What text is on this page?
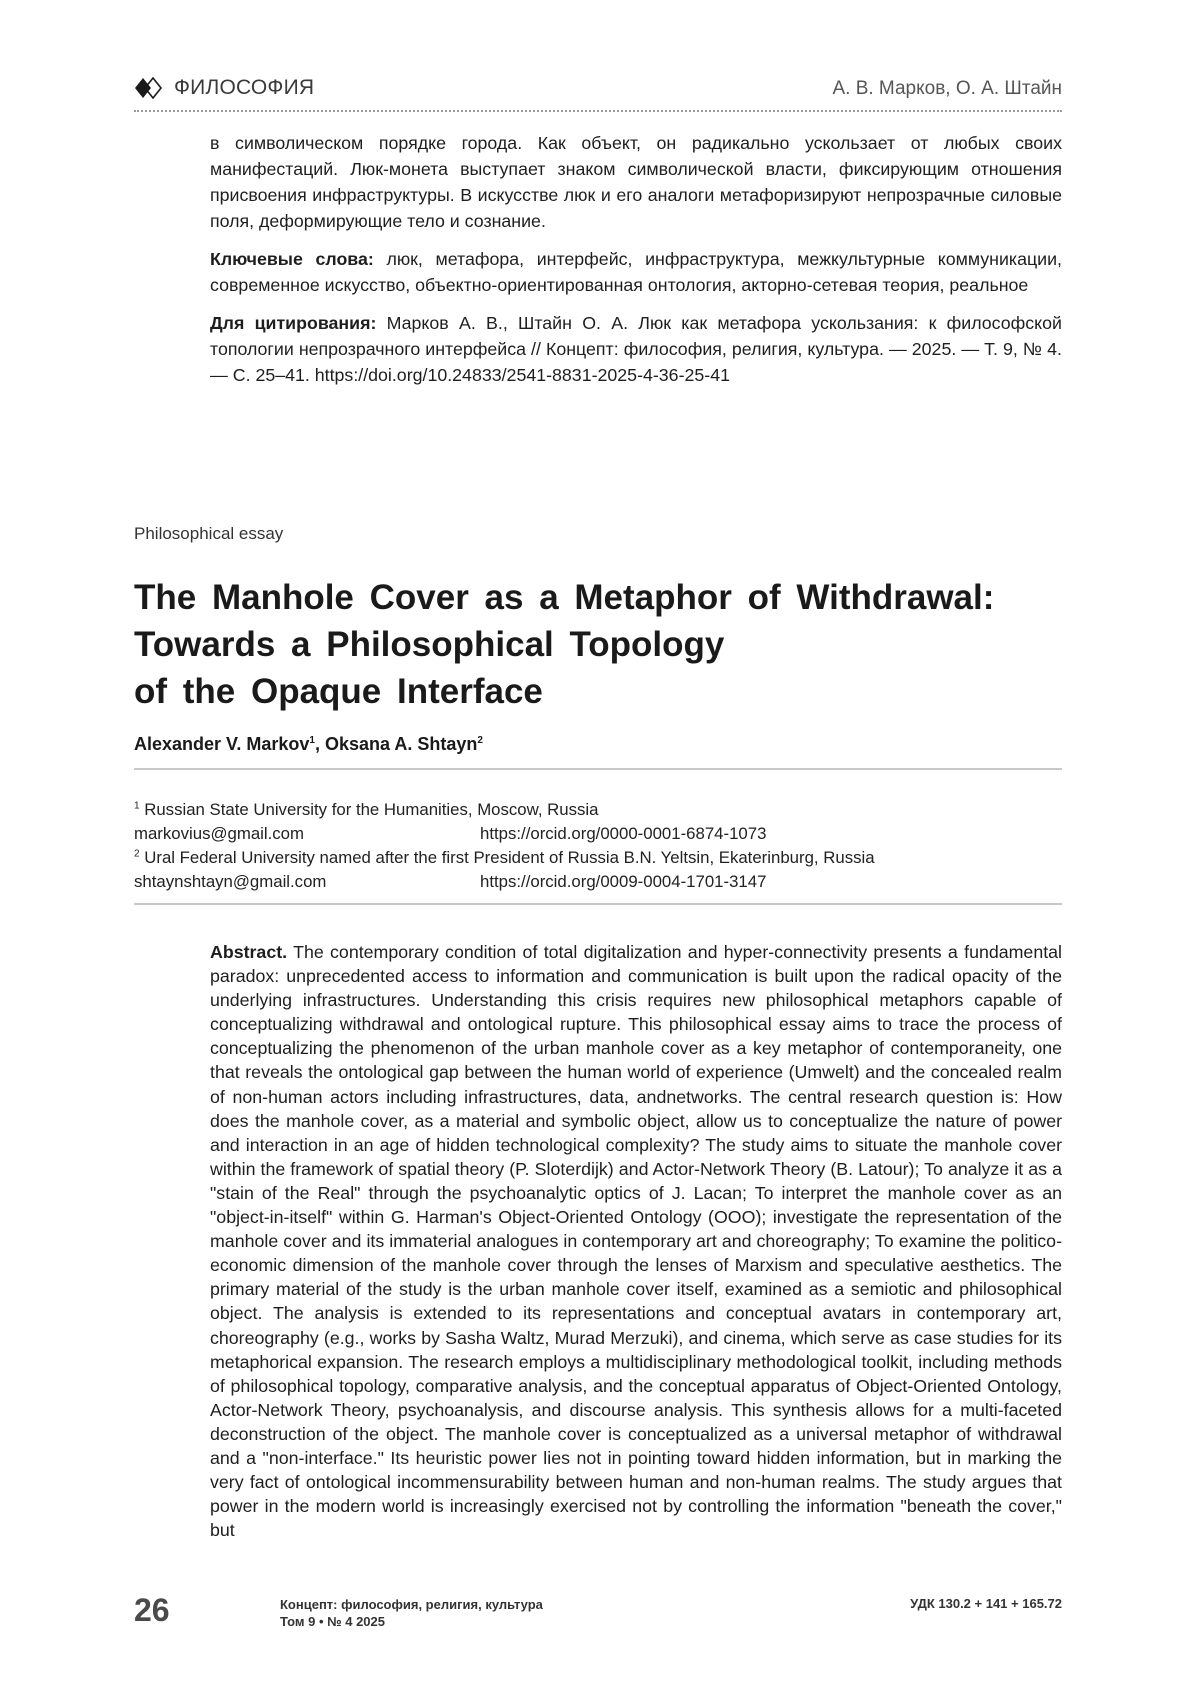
ФИЛОСОФИЯ	А. В. Марков, О. А. Штайн

в символическом порядке города. Как объект, он радикально ускользает от любых своих манифестаций. Люк-монета выступает знаком символической власти, фиксирующим отношения присвоения инфраструктуры. В искусстве люк и его аналоги метафоризируют непрозрачные силовые поля, деформирующие тело и сознание.

Ключевые слова: люк, метафора, интерфейс, инфраструктура, межкультурные коммуникации, современное искусство, объектно-ориентированная онтология, акторно-сетевая теория, реальное

Для цитирования: Марков А. В., Штайн О. А. Люк как метафора ускользания: к философской топологии непрозрачного интерфейса // Концепт: философия, религия, культура. — 2025. — Т. 9, № 4. — С. 25–41. https://doi.org/10.24833/2541-8831-2025-4-36-25-41

Philosophical essay
The Manhole Cover as a Metaphor of Withdrawal:
Towards a Philosophical Topology
of the Opaque Interface
Alexander V. Markov$^1$, Oksana A. Shtayn$^2$
$^1$ Russian State University for the Humanities, Moscow, Russia
markovius@gmail.com	https://orcid.org/0000-0001-6874-1073
$^2$ Ural Federal University named after the first President of Russia B.N. Yeltsin, Ekaterinburg, Russia
shtaynshtayn@gmail.com	https://orcid.org/0009-0004-1701-3147

Abstract. The contemporary condition of total digitalization and hyper-connectivity presents a fundamental paradox: unprecedented access to information and communication is built upon the radical opacity of the underlying infrastructures. Understanding this crisis requires new philosophical metaphors capable of conceptualizing withdrawal and ontological rupture. This philosophical essay aims to trace the process of conceptualizing the phenomenon of the urban manhole cover as a key metaphor of contemporaneity, one that reveals the ontological gap between the human world of experience (Umwelt) and the concealed realm of non-human actors including infrastructures, data, andnetworks. The central research question is: How does the manhole cover, as a material and symbolic object, allow us to conceptualize the nature of power and interaction in an age of hidden technological complexity? The study aims to situate the manhole cover within the framework of spatial theory (P. Sloterdijk) and Actor-Network Theory (B. Latour); To analyze it as a "stain of the Real" through the psychoanalytic optics of J. Lacan; To interpret the manhole cover as an "object-in-itself" within G. Harman's Object-Oriented Ontology (OOO); investigate the representation of the manhole cover and its immaterial analogues in contemporary art and choreography; To examine the politico-economic dimension of the manhole cover through the lenses of Marxism and speculative aesthetics. The primary material of the study is the urban manhole cover itself, examined as a semiotic and philosophical object. The analysis is extended to its representations and conceptual avatars in contemporary art, choreography (e.g., works by Sasha Waltz, Murad Merzuki), and cinema, which serve as case studies for its metaphorical expansion. The research employs a multidisciplinary methodological toolkit, including methods of philosophical topology, comparative analysis, and the conceptual apparatus of Object-Oriented Ontology, Actor-Network Theory, psychoanalysis, and discourse analysis. This synthesis allows for a multi-faceted deconstruction of the object. The manhole cover is conceptualized as a universal metaphor of withdrawal and a "non-interface." Its heuristic power lies not in pointing toward hidden information, but in marking the very fact of ontological incommensurability between human and non-human realms. The study argues that power in the modern world is increasingly exercised not by controlling the information "beneath the cover," but

26	Концепт: философия, религия, культура
Том 9 • № 4 2025
УДК 130.2 + 141 + 165.72
